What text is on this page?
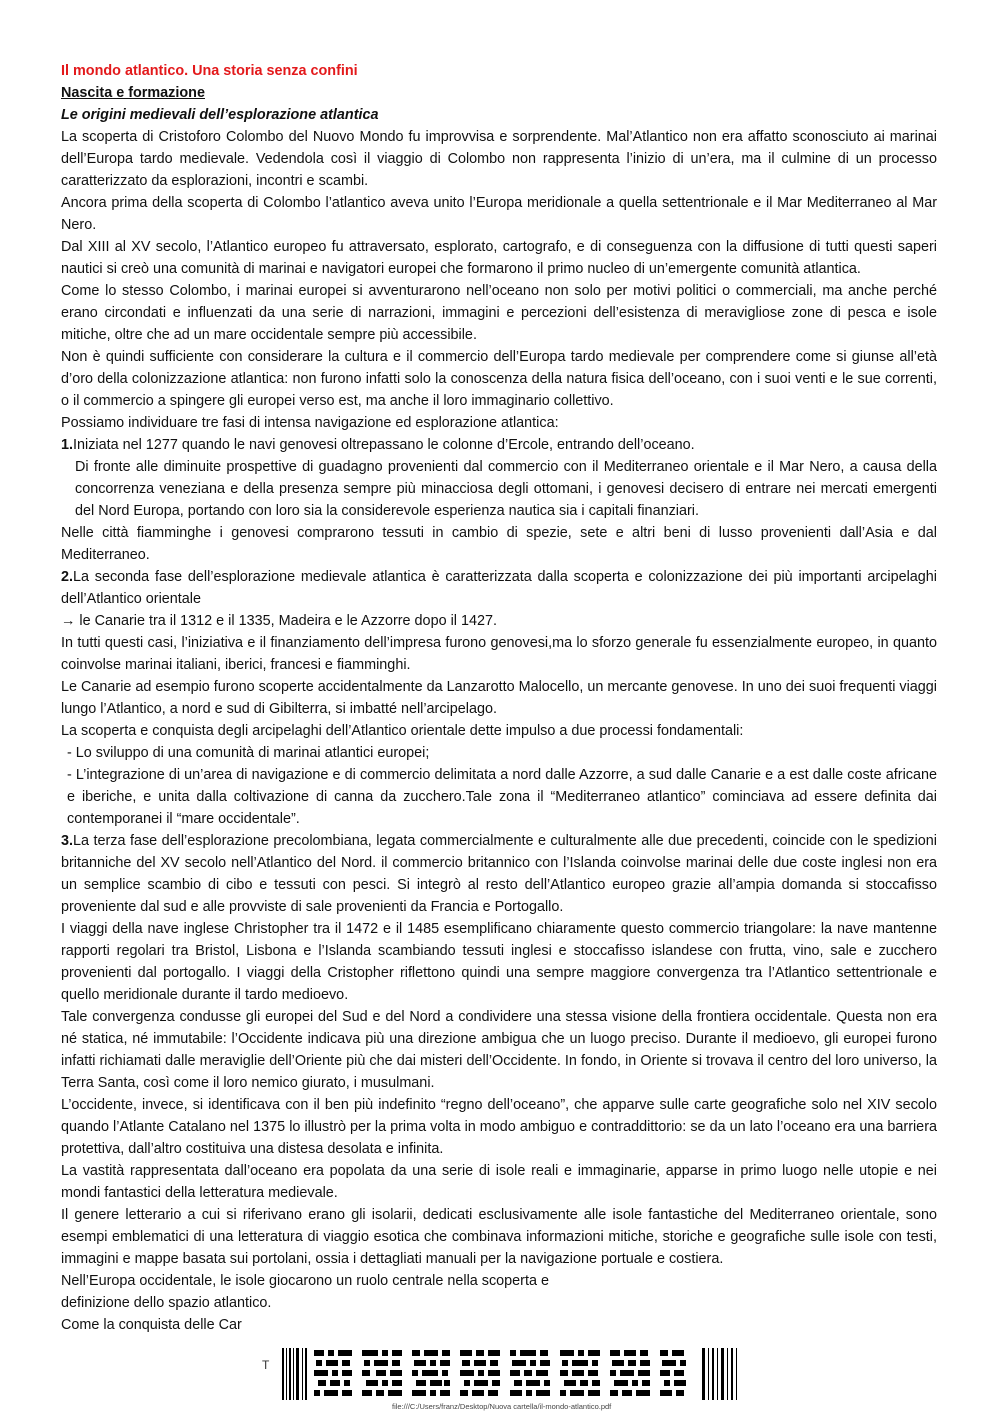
Il mondo atlantico. Una storia senza confini

Nascita e formazione

Le origini medievali dell’esplorazione atlantica

La scoperta di Cristoforo Colombo del Nuovo Mondo fu improvvisa e sorprendente. Mal’Atlantico non era affatto sconosciuto ai marinai dell’Europa tardo medievale. Vedendola così il viaggio di Colombo non rappresenta l’inizio di un’era, ma il culmine di un processo caratterizzato da esplorazioni, incontri e scambi.

Ancora prima della scoperta di Colombo l’atlantico aveva unito l’Europa meridionale a quella settentrionale e il Mar Mediterraneo al Mar Nero.

Dal XIII al XV secolo, l’Atlantico europeo fu attraversato, esplorato, cartografo, e di conseguenza con la diffusione di tutti questi saperi nautici si creò una comunità di marinai e navigatori europei che formarono il primo nucleo di un’emergente comunità atlantica.

Come lo stesso Colombo, i marinai europei si avventurarono nell’oceano non solo per motivi politici o commerciali, ma anche perché erano circondati e influenzati da una serie di narrazioni, immagini e percezioni dell’esistenza di meravigliose zone di pesca e isole mitiche, oltre che ad un mare occidentale sempre più accessibile.

Non è quindi sufficiente con considerare la cultura e il commercio dell’Europa tardo medievale per comprendere come si giunse all’età d’oro della colonizzazione atlantica: non furono infatti solo la conoscenza della natura fisica dell’oceano, con i suoi venti e le sue correnti, o il commercio a spingere gli europei verso est, ma anche il loro immaginario collettivo.

Possiamo individuare tre fasi di intensa navigazione ed esplorazione atlantica:

1.Iniziata nel 1277 quando le navi genovesi oltrepassano le colonne d’Ercole, entrando dell’oceano.

Di fronte alle diminuite prospettive di guadagno provenienti dal commercio con il Mediterraneo orientale e il Mar Nero, a causa della concorrenza veneziana e della presenza sempre più minacciosa degli ottomani, i genovesi decisero di entrare nei mercati emergenti del Nord Europa, portando con loro sia la considerevole esperienza nautica sia i capitali finanziari.

Nelle città fiamminghe i genovesi comprarono tessuti in cambio di spezie, sete e altri beni di lusso provenienti dall’Asia e dal Mediterraneo.

2.La seconda fase dell’esplorazione medievale atlantica è caratterizzata dalla scoperta e colonizzazione dei più importanti arcipelaghi dell’Atlantico orientale

→ le Canarie tra il 1312 e il 1335, Madeira e le Azzorre dopo il 1427.

In tutti questi casi, l’iniziativa e il finanziamento dell’impresa furono genovesi,ma lo sforzo generale fu essenzialmente europeo, in quanto coinvolse marinai italiani, iberici, francesi e fiamminghi.

Le Canarie ad esempio furono scoperte accidentalmente da Lanzarotto Malocello, un mercante genovese. In uno dei suoi frequenti viaggi lungo l’Atlantico, a nord e sud di Gibilterra, si imbatté nell’arcipelago.

La scoperta e conquista degli arcipelaghi dell’Atlantico orientale dette impulso a due processi fondamentali:

- Lo sviluppo di una comunità di marinai atlantici europei;

- L’integrazione di un’area di navigazione e di commercio delimitata a nord dalle Azzorre, a sud dalle Canarie e a est dalle coste africane e iberiche, e unita dalla coltivazione di canna da zucchero.Tale zona il “Mediterraneo atlantico” cominciava ad essere definita dai contemporanei il “mare occidentale”.

3.La terza fase dell’esplorazione precolombiana, legata commercialmente e culturalmente alle due precedenti, coincide con le spedizioni britanniche del XV secolo nell’Atlantico del Nord. il commercio britannico con l’Islanda coinvolse marinai delle due coste inglesi non era un semplice scambio di cibo e tessuti con pesci. Si integrò al resto dell’Atlantico europeo grazie all’ampia domanda si stoccafisso proveniente dal sud e alle provviste di sale provenienti da Francia e Portogallo.

I viaggi della nave inglese Christopher tra il 1472 e il 1485 esemplificano chiaramente questo commercio triangolare: la nave mantenne rapporti regolari tra Bristol, Lisbona e l’Islanda scambiando tessuti inglesi e stoccafisso islandese con frutta, vino, sale e zucchero provenienti dal portogallo. I viaggi della Cristopher riflettono quindi una sempre maggiore convergenza tra l’Atlantico settentrionale e quello meridionale durante il tardo medioevo.

Tale convergenza condusse gli europei del Sud e del Nord a condividere una stessa visione della frontiera occidentale. Questa non era né statica, né immutabile: l’Occidente indicava più una direzione ambigua che un luogo preciso. Durante il medioevo, gli europei furono infatti richiamati dalle meraviglie dell’Oriente più che dai misteri dell’Occidente. In fondo, in Oriente si trovava il centro del loro universo, la Terra Santa, così come il loro nemico giurato, i musulmani.

L’occidente, invece, si identificava con il ben più indefinito “regno dell’oceano”, che apparve sulle carte geografiche solo nel XIV secolo quando l’Atlante Catalano nel 1375 lo illustrò per la prima volta in modo ambiguo e contraddittorio: se da un lato l’oceano era una barriera protettiva, dall’altro costituiva una distesa desolata e infinita.

La vastità rappresentata dall’oceano era popolata da una serie di isole reali e immaginarie, apparse in primo luogo nelle utopie e nei mondi fantastici della letteratura medievale.

Il genere letterario a cui si riferivano erano gli isolarii, dedicati esclusivamente alle isole fantastiche del Mediterraneo orientale, sono esempi emblematici di una letteratura di viaggio esotica che combinava informazioni mitiche, storiche e geografiche sulle isole con testi, immagini e mappe basata sui portolani, ossia i dettagliati manuali per la navigazione portuale e costiera.

Nell’Europa occidentale, le isole giocarono un ruolo centrale nella scoperta e

definizione dello spazio atlantico.

Come la conquista delle Car

T
file:///C:/Users/franz/Desktop/Nuova cartella/il-mondo-atlantico.pdf
